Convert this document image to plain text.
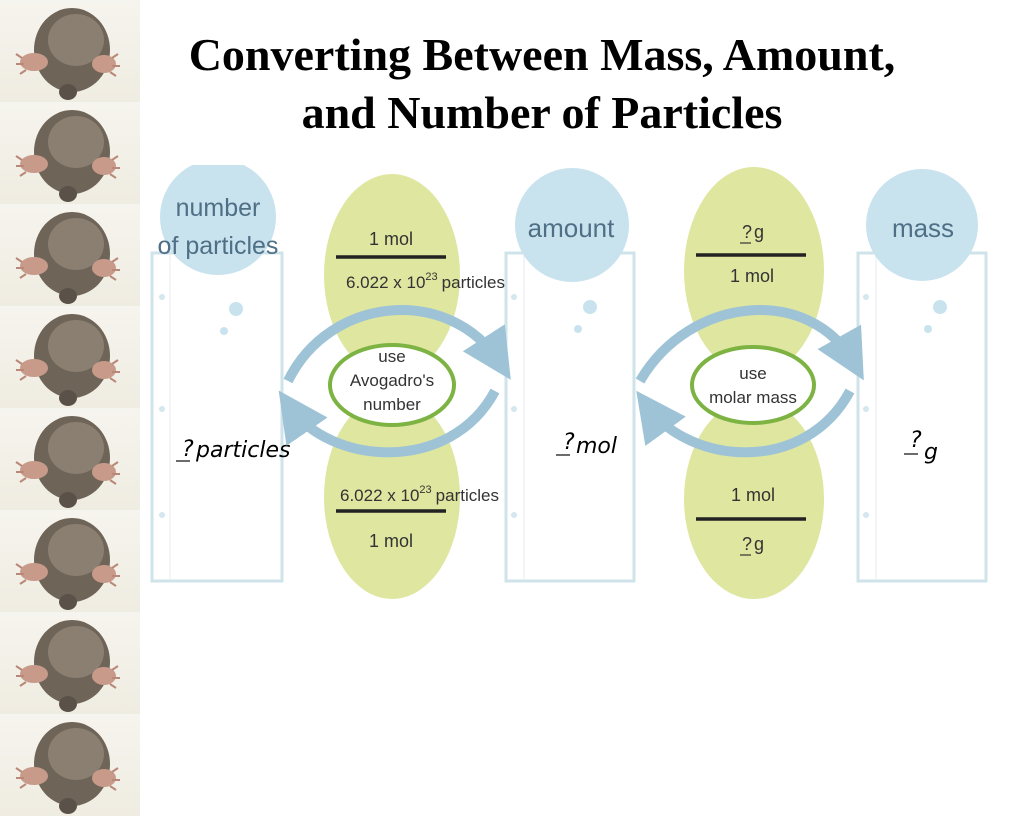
Converting Between Mass, Amount,
and Number of Particles
number
of particles
? particles
amount
? mol
mass
? g
use
Avogadro's
number
1 mol
6.022 x $10^{23}$ particles
6.022 x $10^{23}$ particles
1 mol
use
molar mass
? g
1 mol
1 mol
? g
